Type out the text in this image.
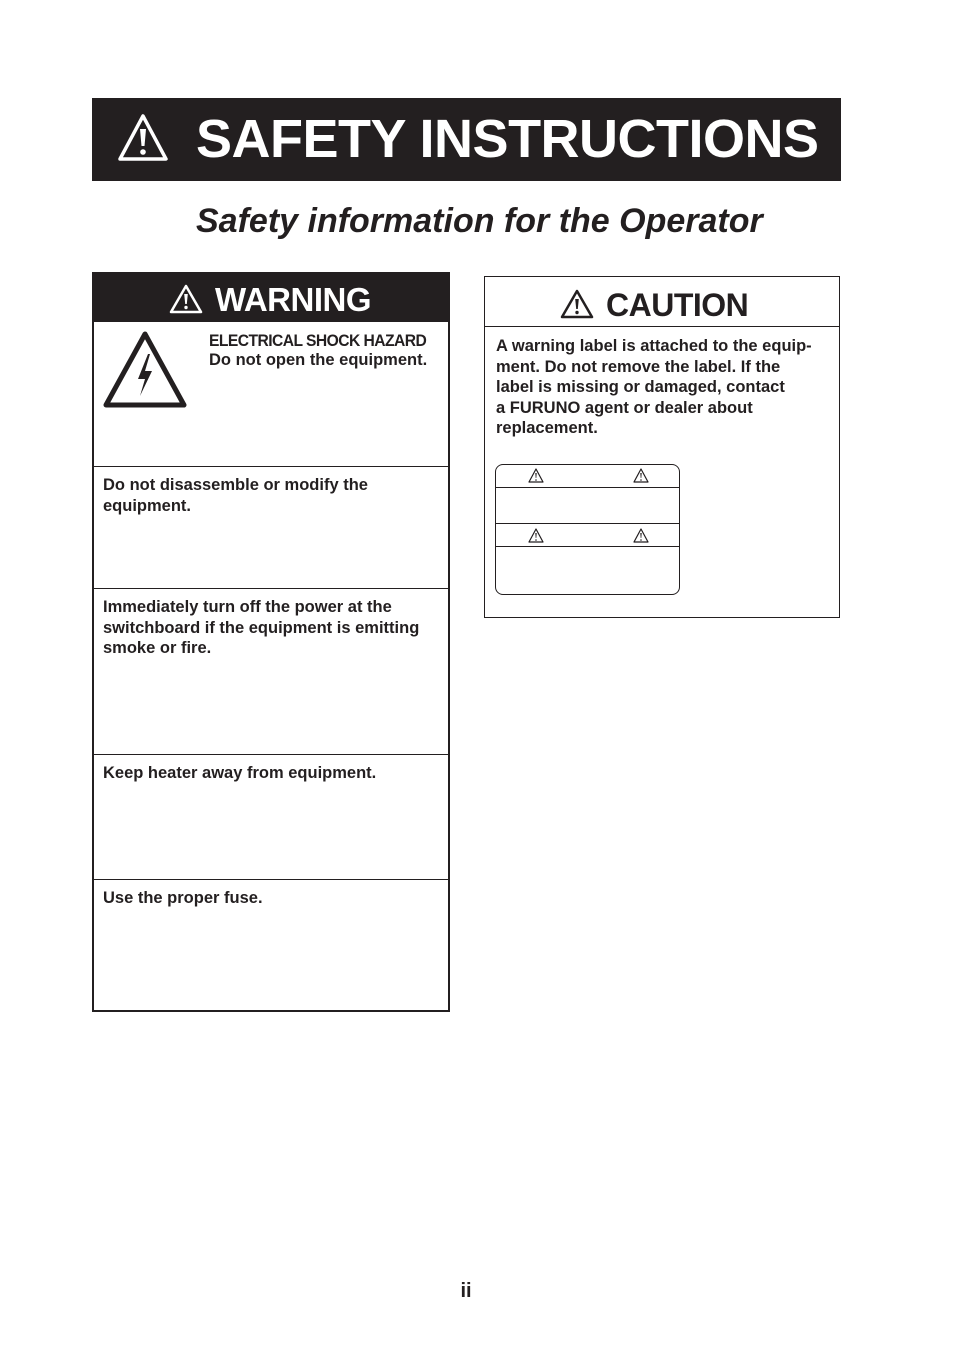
SAFETY INSTRUCTIONS
Safety information for the Operator
WARNING
ELECTRICAL SHOCK HAZARD
Do not open the equipment.

Do not disassemble or modify the equipment.

Immediately turn off the power at the switchboard if the equipment is emitting smoke or fire.

Keep heater away from equipment.

Use the proper fuse.

CAUTION
A warning label is attached to the equip-
ment. Do not remove the label. If the
label is missing or damaged, contact
a FURUNO agent or dealer about
replacement.
ii
